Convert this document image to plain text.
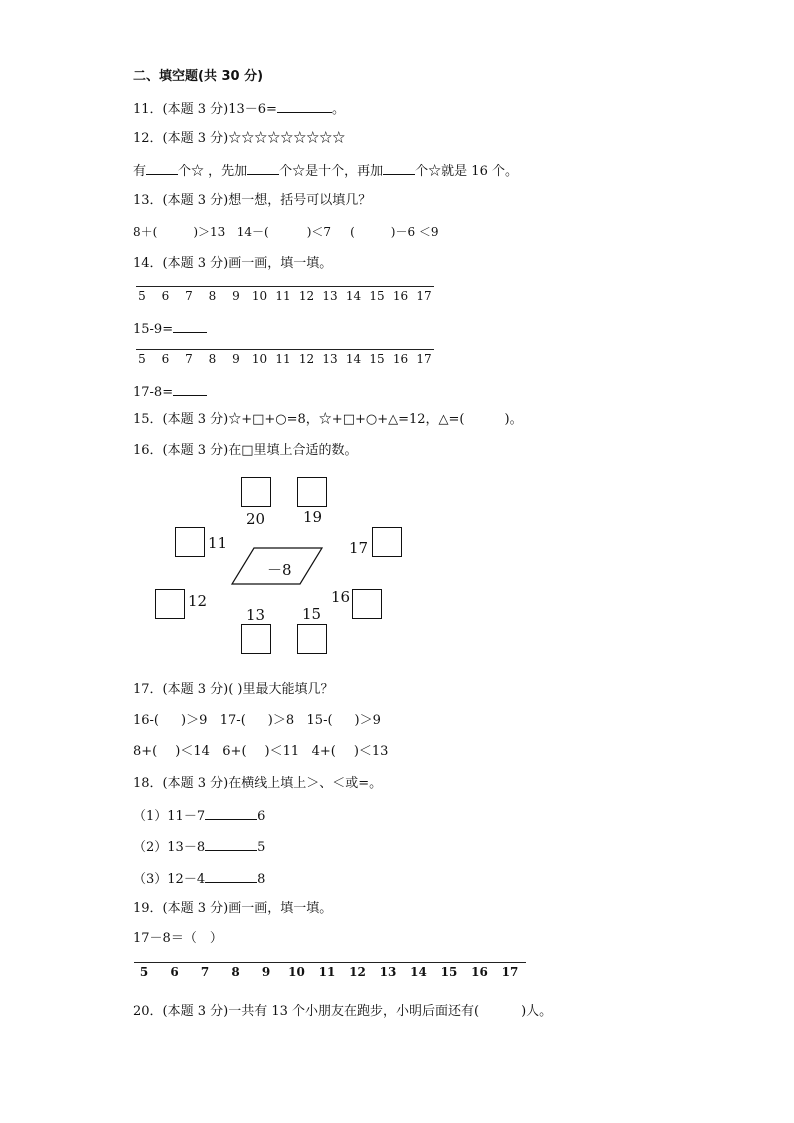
二、填空题(共 30 分)
11．(本题 3 分)13－6=	。
12．(本题 3 分)☆☆☆☆☆☆☆☆☆
有 个☆ ，先加 个☆是十个，再加 个☆就是 16 个。
13．(本题 3 分)想一想，括号可以填几？
8＋(	)＞13 14－(	)＜7 (	)－6 ＜9
14．(本题 3 分)画一画，填一填。
5 6 7 8 9 10 11 12 13 14 15 16 17
15-9=
5 6 7 8 9 10 11 12 13 14 15 16 17
17-8=
15．(本题 3 分)☆+□+○=8，☆+□+○+△=12，△=(	)。
16．(本题 3 分)在□里填上合适的数。
20	19
11	17
12	16
13 15
－8
17．(本题 3 分)( )里最大能填几？
16-( )＞9 17-( )＞8 15-( )＞9
8+( )＜14 6+( )＜11 4+( )＜13
18．(本题 3 分)在横线上填上＞、＜或=。
（1）11－7	6
（2）13－8	5
（3）12－4	8
19．(本题 3 分)画一画，填一填。
17－8＝（　）
5 6 7 8 9 10 11 12 13 14 15 16 17
20．(本题 3 分)一共有 13 个小朋友在跑步，小明后面还有(	)人。
